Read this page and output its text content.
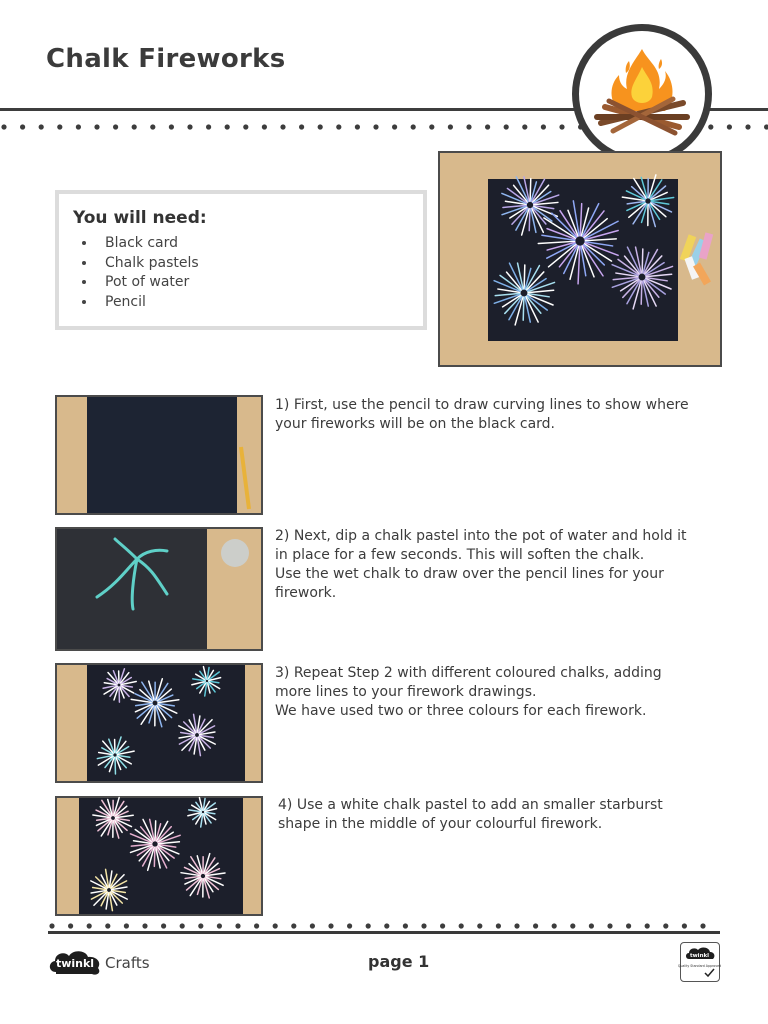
Chalk Fireworks
You will need:
• Black card
• Chalk pastels
• Pot of water
• Pencil
1) First, use the pencil to draw curving lines to show where
your fireworks will be on the black card.
2) Next, dip a chalk pastel into the pot of water and hold it
in place for a few seconds. This will soften the chalk.
Use the wet chalk to draw over the pencil lines for your
firework.
3) Repeat Step 2 with different coloured chalks, adding
more lines to your firework drawings.
We have used two or three colours for each firework.
4) Use a white chalk pastel to add an smaller starburst
shape in the middle of your colourful firework.
twinkl Crafts	page 1	twinkl
Quality Standard Approved
